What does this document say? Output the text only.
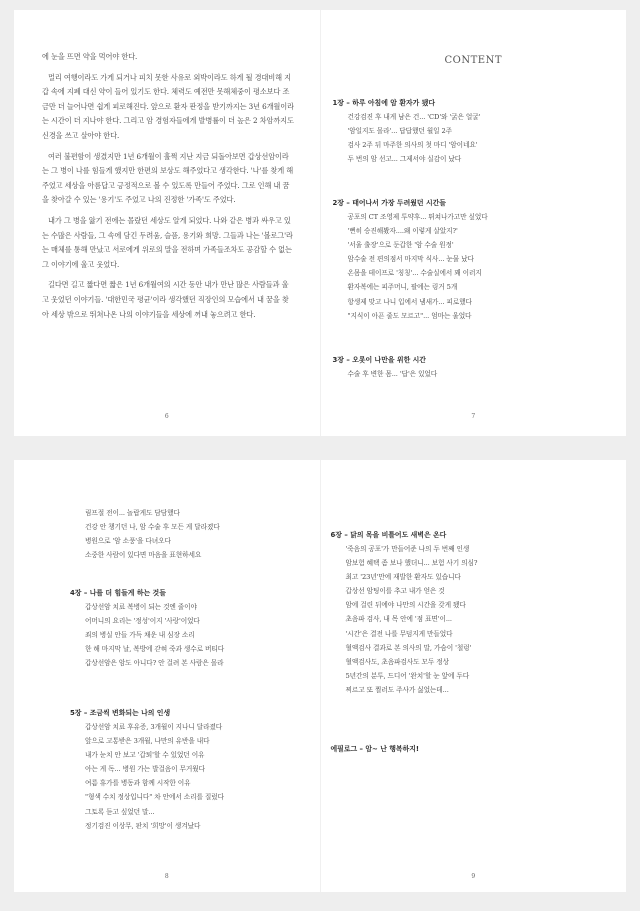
에 눈을 뜨면 약을 먹어야 한다.

멀리 여행이라도 가게 되거나 피치 못한 사유로 외박이라도 하게 될 경대비해 지갑 속에 지폐 대신 약이 들어 있기도 한다. 체력도 예전만 못해체중이 평소보다 조금만 더 늘어나면 쉽게 피로해진다. 앞으로 환자 판정을 받기까지는 3년 6개월이라는 시간이 더 지나야 한다. 그리고 암 경험자들에게 발병률이 더 높은 2 차암까지도 신경을 쓰고 살아야 한다.

여러 불편함이 생겼지만 1년 6개월이 훌쩍 지난 지금 되돌아보면 갑상선암이라는 그 병이 나를 힘들게 했지만 한편의 보상도 해주었다고 생각한다. '나'를 찾게 해주었고 세상을 아름답고 긍정적으로 볼 수 있도록 만들어 주었다. 그로 인해 내 꿈을 찾아갈 수 있는 '용기'도 주었고 나의 진정한 '가족'도 주었다.

내가 그 병을 앓기 전에는 몰랐던 세상도 알게 되었다. 나와 같은 병과 싸우고 있는 수많은 사람들, 그 속에 담긴 두려움, 슬픔, 용기와 희망. 그들과 나는 '볼로그'라는 매체를 통해 만났고 서로에게 위로의 말을 전하며 가족들조차도 공감할 수 없는 그 이야기에 울고 웃었다.

길다면 길고 짧다면 짧은 1년 6개월여의 시간 동안 내가 만난 많은 사람들과 울고 웃었던 이야기들. '대한민국 평균'이라 생각했던 직장인의 모습에서 내 꿈을 찾아 세상 밖으로 뛰쳐나온 나의 이야기들을 세상에 꺼내 놓으려고 한다.

6
CONTENT

1장 – 하루 아침에 암 환자가 됐다

건강검진 후 내게 남은 건... 'CD'와 '굵은 얼굴'

'암일지도 몰라'... 답답했던 월일 2주

검사 2주 뒤 마주한 의사의 첫 마디 '암이네요'

두 번의 암 선고... 그제서야 실감이 났다

2장 – 태어나서 가장 두려웠던 시간들

공포의 CT 조영제 투약후... 뛰쳐나가고만 싶었다

'뻔히 승진해봤자....왜 이렇게 살았지?'

'서울 출장'으로 둔갑한 '암 수술 원정'

암수술 전 편의점서 마지막 식사... 눈물 났다

온몸을 테이프로 '칭칭'... 수술실에서 꽤 이러지

환자복에는 피주머니, 팔에는 링거 5개

항생제 맞고 나니 입에서 냄새가... 피로했다

"지식이 아픈 줄도 모르고"... 엄마는 울었다

3장 – 오롯이 나만을 위한 시간

수술 후 변한 몸... '답'은 있었다

7

림프절 전이... 놀랍게도 담담했다

건강 안 챙기던 나, 암 수술 후 모든 게 달라졌다

병원으로 '암 소풍'을 다녀오다

소중한 사람이 있다면 마음을 표현하세요

4장 – 나를 더 힘들게 하는 것들

갑상선암 치료 복병이 되는 것엔 줄이야

어머니의 요리는 '정성'이지 '사랑'이었다

죄의 병실 안들 가득 채운 내 심장 소리

한 해 마지막 날, 복방에 갇혀 죽과 생수로 버티다

갑상선암은 암도 아니다? 안 걸려 본 사람은 몰라

5장 – 조금씩 변화되는 나의 인생

갑상선암 치료 후유증, 3개월이 지나니 달라졌다

앞으로 고통받은 3개월, 나만의 유반을 내다

내가 눈치 안 보고 '갑퇴'할 수 있었던 이유

아는 게 독... 병원 가는 발걸음이 무거웠다

여름 휴가를 병동과 함께 시작한 이유

"형색 수치 정상입니다" 차 안에서 소리를 질렀다

그토록 듣고 싶었던 말...

정기검진 이상무, 판치 '희망'이 생겨났다

8

6장 – 닭의 목을 비틀어도 새벽은 온다

'죽음의 공포'가 만들어준 나의 두 번째 인생

암보험 혜택 좀 보나 했더니... 보험 사기 의심?

최고 '23년'만에 재발한 환자도 있습니다

갑상선 암팅이를 추고 내가 얻은 것

암에 걸린 뒤에야 나만의 시간을 갖게 됐다

초음파 검사, 내 목 안에 '점 표면'이...

'시간'은 결전 나를 무덤지게 만들었다

혈액검사 결과로 본 의사의 말, 가슴이 '철렁'

혈액검사도, 초음파검사도 모두 정상

5년간의 분투, 드디어 '완치'할 눈 앞에 두다

찌르고 또 찔러도 주사가 싫었는데...

에필로그 – 암~ 난 행복하지!

9
